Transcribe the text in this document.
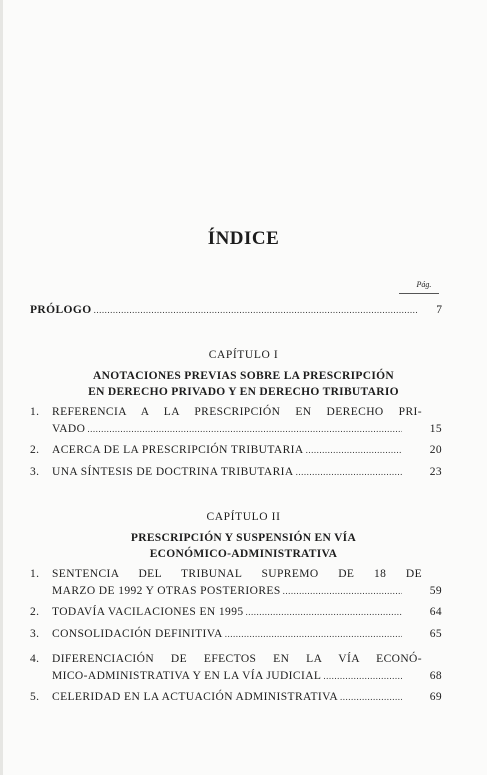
ÍNDICE
Pág.
PRÓLOGO .....	7
CAPÍTULO I
ANOTACIONES PREVIAS SOBRE LA PRESCRIPCIÓN
EN DERECHO PRIVADO Y EN DERECHO TRIBUTARIO
1.	REFERENCIA A LA PRESCRIPCIÓN EN DERECHO PRI-
VADO .....	15
2.	ACERCA DE LA PRESCRIPCIÓN TRIBUTARIA .....	20
3.	UNA SÍNTESIS DE DOCTRINA TRIBUTARIA .....	23
CAPÍTULO II
PRESCRIPCIÓN Y SUSPENSIÓN EN VÍA
ECONÓMICO-ADMINISTRATIVA
1.	SENTENCIA DEL TRIBUNAL SUPREMO DE 18 DE
MARZO DE 1992 Y OTRAS POSTERIORES .....	59
2.	TODAVÍA VACILACIONES EN 1995 .....	64
3.	CONSOLIDACIÓN DEFINITIVA .....	65
4.	DIFERENCIACIÓN DE EFECTOS EN LA VÍA ECONÓ-
MICO-ADMINISTRATIVA Y EN LA VÍA JUDICIAL .....	68
5.	CELERIDAD EN LA ACTUACIÓN ADMINISTRATIVA .....	69
